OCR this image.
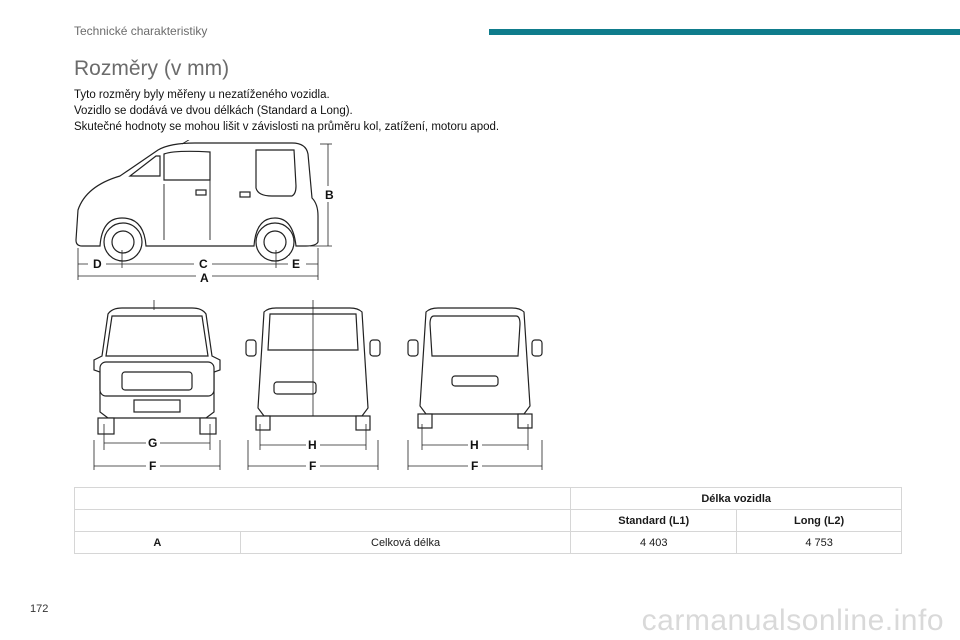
Technické charakteristiky
Rozměry (v mm)
Tyto rozměry byly měřeny u nezatíženého vozidla.
Vozidlo se dodává ve dvou délkách (Standard a Long).
Skutečné hodnoty se mohou lišit v závislosti na průměru kol, zatížení, motoru apod.
D	C	E
A
B
G
F
H
F
H
F
		Délka vozidla	
		Standard (L1)	Long (L2)
A	Celková délka	4 403	4 753
172	carmanualsonline.info
